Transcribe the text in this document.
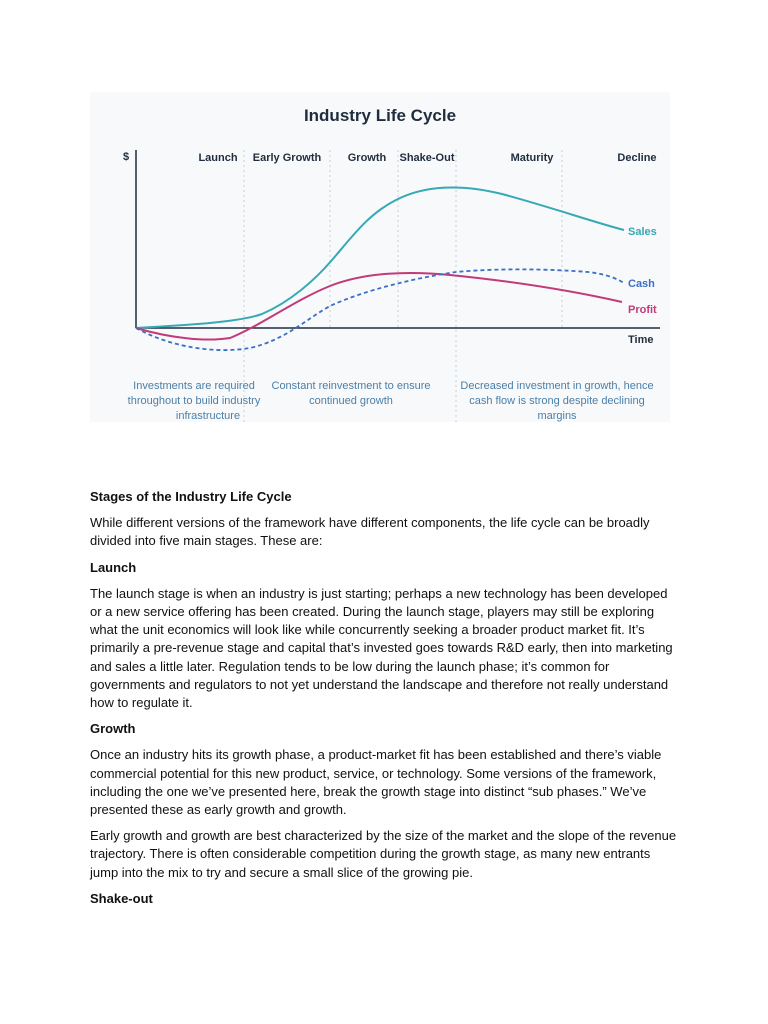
Industry Life Cycle
Launch Early Growth Growth Shake-Out	Maturity	Decline
$
Time
Sales
Cash
Profit
Investments are required
throughout to build industry
infrastructure
Constant reinvestment to ensure
continued growth
Decreased investment in growth, hence
cash flow is strong despite declining
margins
Stages of the Industry Life Cycle

While different versions of the framework have different components, the life cycle can be broadly divided into five main stages. These are:

Launch

The launch stage is when an industry is just starting; perhaps a new technology has been developed or a new service offering has been created. During the launch stage, players may still be exploring what the unit economics will look like while concurrently seeking a broader product market fit. It’s primarily a pre-revenue stage and capital that’s invested goes towards R&D early, then into marketing and sales a little later. Regulation tends to be low during the launch phase; it’s common for governments and regulators to not yet understand the landscape and therefore not really understand how to regulate it.

Growth

Once an industry hits its growth phase, a product-market fit has been established and there’s viable commercial potential for this new product, service, or technology. Some versions of the framework, including the one we’ve presented here, break the growth stage into distinct “sub phases.” We’ve presented these as early growth and growth.

Early growth and growth are best characterized by the size of the market and the slope of the revenue trajectory. There is often considerable competition during the growth stage, as many new entrants jump into the mix to try and secure a small slice of the growing pie.

Shake-out
